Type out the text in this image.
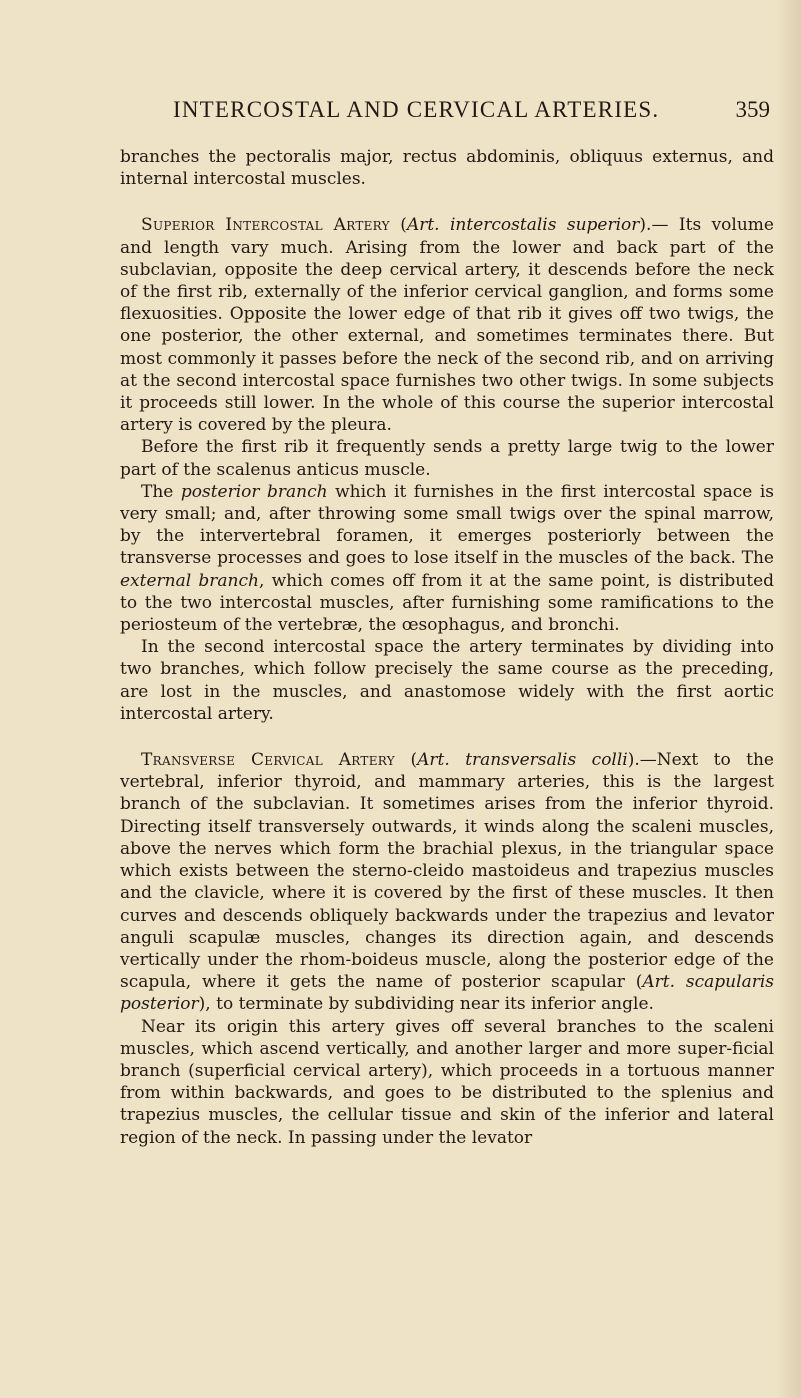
INTERCOSTAL AND CERVICAL ARTERIES.	359

branches the pectoralis major, rectus abdominis, obliquus externus, and internal intercostal muscles.

Superior Intercostal Artery (Art. intercostalis superior).— Its volume and length vary much. Arising from the lower and back part of the subclavian, opposite the deep cervical artery, it descends before the neck of the first rib, externally of the inferior cervical ganglion, and forms some flexuosities. Opposite the lower edge of that rib it gives off two twigs, the one posterior, the other external, and sometimes terminates there. But most commonly it passes before the neck of the second rib, and on arriving at the second intercostal space furnishes two other twigs. In some subjects it proceeds still lower. In the whole of this course the superior intercostal artery is covered by the pleura.

Before the first rib it frequently sends a pretty large twig to the lower part of the scalenus anticus muscle.

The posterior branch which it furnishes in the first intercostal space is very small; and, after throwing some small twigs over the spinal marrow, by the intervertebral foramen, it emerges posteriorly between the transverse processes and goes to lose itself in the muscles of the back. The external branch, which comes off from it at the same point, is distributed to the two intercostal muscles, after furnishing some ramifications to the periosteum of the vertebræ, the œsophagus, and bronchi.

In the second intercostal space the artery terminates by dividing into two branches, which follow precisely the same course as the preceding, are lost in the muscles, and anastomose widely with the first aortic intercostal artery.

Transverse Cervical Artery (Art. transversalis colli).—Next to the vertebral, inferior thyroid, and mammary arteries, this is the largest branch of the subclavian. It sometimes arises from the inferior thyroid. Directing itself transversely outwards, it winds along the scaleni muscles, above the nerves which form the brachial plexus, in the triangular space which exists between the sterno-cleido mastoideus and trapezius muscles and the clavicle, where it is covered by the first of these muscles. It then curves and descends obliquely backwards under the trapezius and levator anguli scapulæ muscles, changes its direction again, and descends vertically under the rhom-boideus muscle, along the posterior edge of the scapula, where it gets the name of posterior scapular (Art. scapularis posterior), to terminate by subdividing near its inferior angle.

Near its origin this artery gives off several branches to the scaleni muscles, which ascend vertically, and another larger and more super-ficial branch (superficial cervical artery), which proceeds in a tortuous manner from within backwards, and goes to be distributed to the splenius and trapezius muscles, the cellular tissue and skin of the inferior and lateral region of the neck. In passing under the levator
